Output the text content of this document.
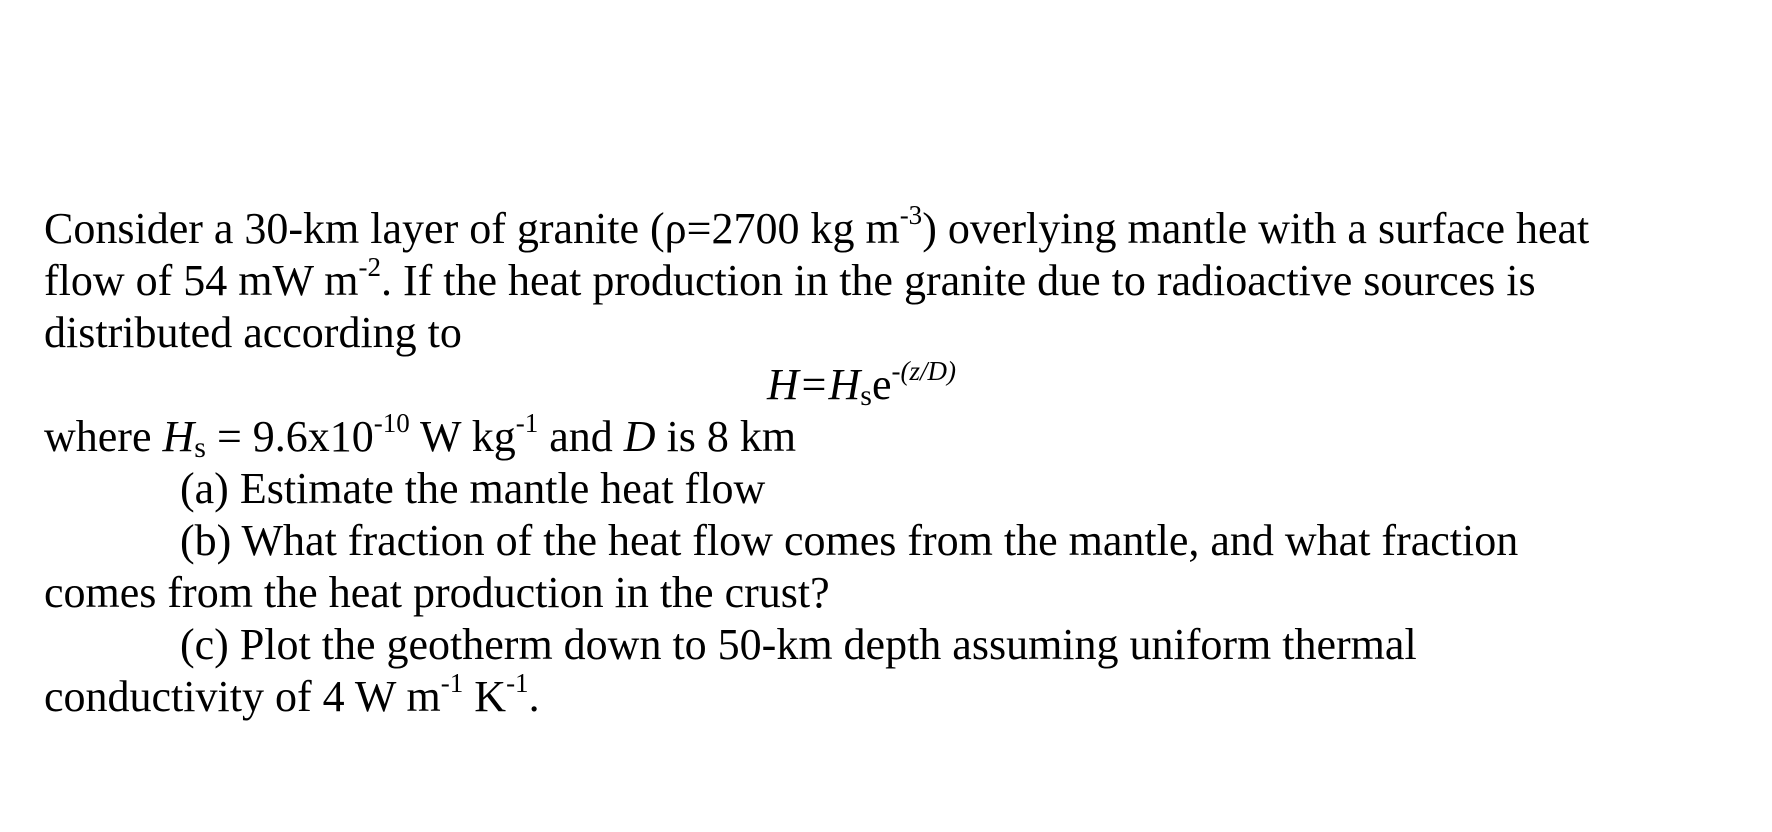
Consider a 30-km layer of granite (ρ=2700 kg $m^{-3}$) overlying mantle with a surface heat
flow of 54 mW $m^{-2}$. If the heat production in the granite due to radioactive sources is
distributed according to
$H=H_se^{-(z/D)}$
where $H_s = 9.6x10^{-10}$ W $kg^{-1}$ and D is 8 km
(a) Estimate the mantle heat flow
(b) What fraction of the heat flow comes from the mantle, and what fraction
comes from the heat production in the crust?
(c) Plot the geotherm down to 50-km depth assuming uniform thermal
conductivity of 4 W $m^{-1}$ $K^{-1}$.
